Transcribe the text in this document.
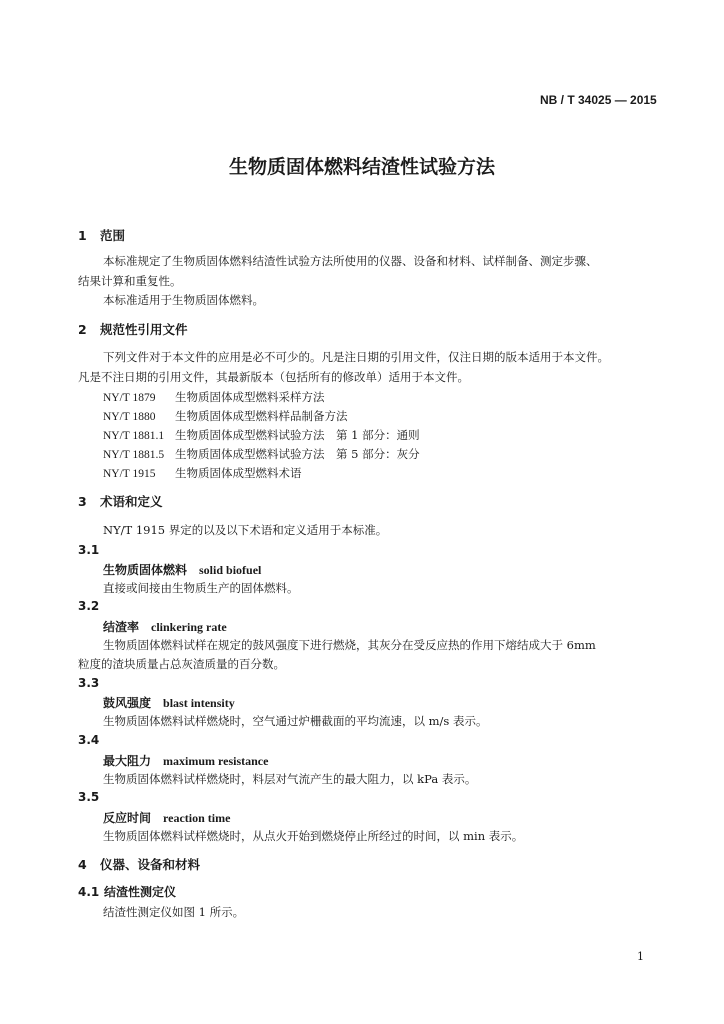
NB / T 34025 — 2015
生物质固体燃料结渣性试验方法
1 范围
本标准规定了生物质固体燃料结渣性试验方法所使用的仪器、设备和材料、试样制备、测定步骤、
结果计算和重复性。
本标准适用于生物质固体燃料。
2 规范性引用文件
下列文件对于本文件的应用是必不可少的。凡是注日期的引用文件，仅注日期的版本适用于本文件。
凡是不注日期的引用文件，其最新版本（包括所有的修改单）适用于本文件。
NY/T 1879 生物质固体成型燃料采样方法
NY/T 1880 生物质固体成型燃料样品制备方法
NY/T 1881.1 生物质固体成型燃料试验方法　第 1 部分：通则
NY/T 1881.5 生物质固体成型燃料试验方法　第 5 部分：灰分
NY/T 1915 生物质固体成型燃料术语
3 术语和定义
NY/T 1915 界定的以及以下术语和定义适用于本标准。
3.1
生物质固体燃料 solid biofuel
直接或间接由生物质生产的固体燃料。
3.2
结渣率 clinkering rate
生物质固体燃料试样在规定的鼓风强度下进行燃烧，其灰分在受反应热的作用下熔结成大于 6mm
粒度的渣块质量占总灰渣质量的百分数。
3.3
鼓风强度 blast intensity
生物质固体燃料试样燃烧时，空气通过炉栅截面的平均流速，以 m/s 表示。
3.4
最大阻力 maximum resistance
生物质固体燃料试样燃烧时，料层对气流产生的最大阻力，以 kPa 表示。
3.5
反应时间 reaction time
生物质固体燃料试样燃烧时，从点火开始到燃烧停止所经过的时间，以 min 表示。
4 仪器、设备和材料
4.1 结渣性测定仪
结渣性测定仪如图 1 所示。
1
